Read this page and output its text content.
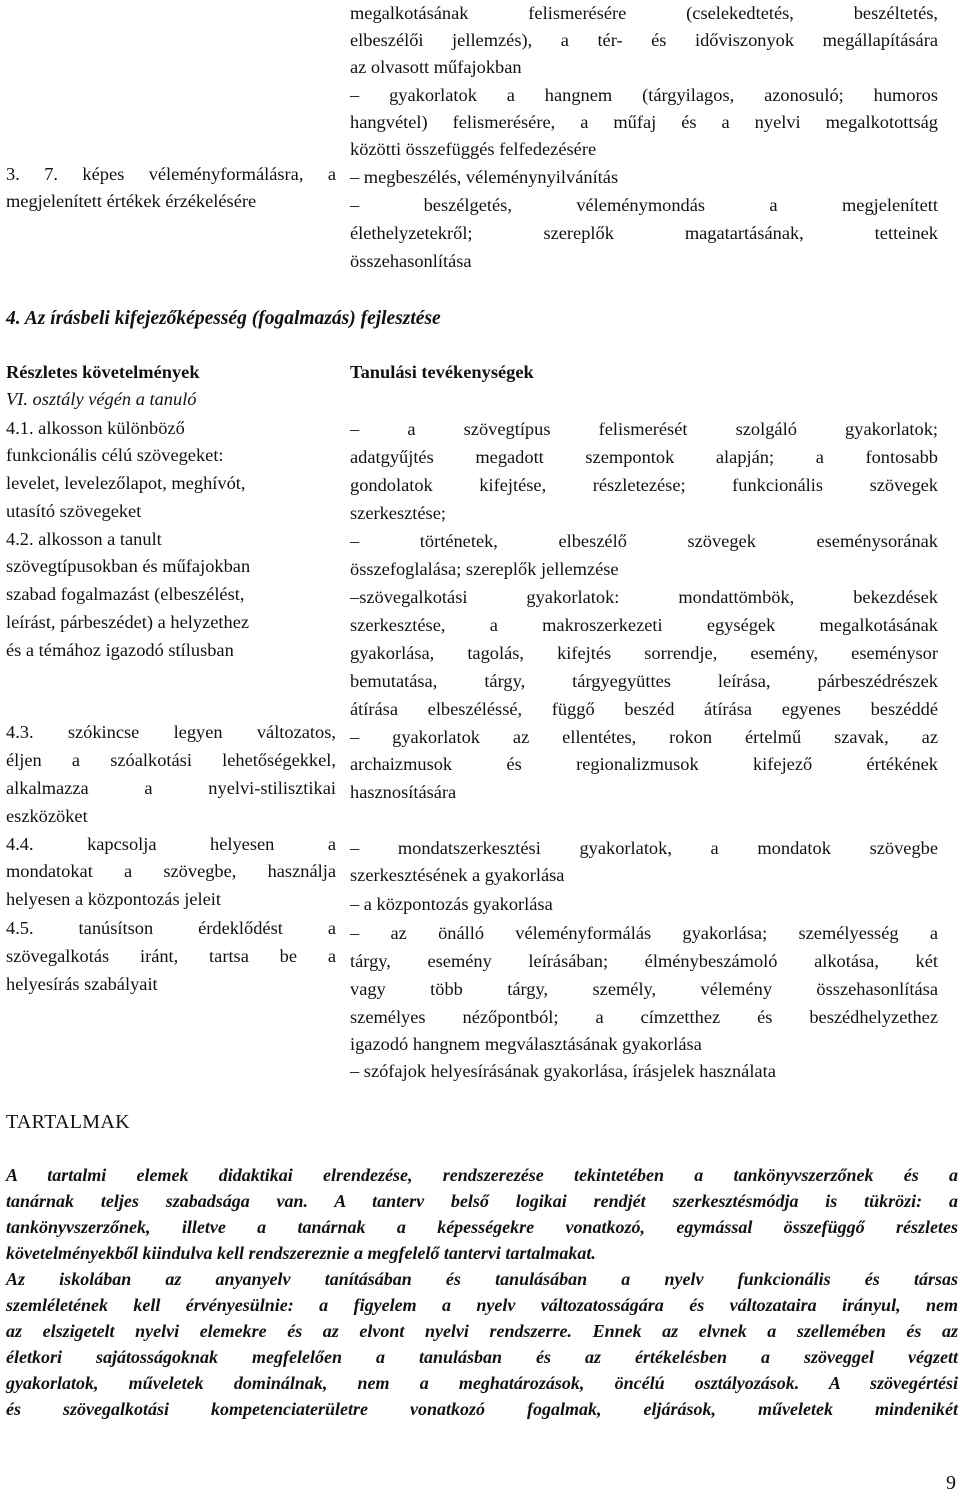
3. 7. képes véleményformálásra, a
megjelenített értékek érzékelésére
megalkotásának felismerésére (cselekedtetés, beszéltetés,
elbeszélői jellemzés), a tér- és időviszonyok megállapítására
az olvasott műfajokban
– gyakorlatok a hangnem (tárgyilagos, azonosuló; humoros
hangvétel) felismerésére, a műfaj és a nyelvi megalkotottság
közötti összefüggés felfedezésére
– megbeszélés, véleménynyilvánítás
– beszélgetés, véleménymondás a megjelenített
élethelyzetekről; szereplők magatartásának, tetteinek
összehasonlítása
4. Az írásbeli kifejezőképesség (fogalmazás) fejlesztése
Részletes követelmények
VI. osztály végén a tanuló
4.1. alkosson különböző
funkcionális célú szövegeket:
levelet, levelezőlapot, meghívót,
utasító szövegeket
4.2. alkosson a tanult
szövegtípusokban és műfajokban
szabad fogalmazást (elbeszélést,
leírást, párbeszédet) a helyzethez
és a témához igazodó stílusban
4.3. szókincse legyen változatos,
éljen a szóalkotási lehetőségekkel,
alkalmazza a nyelvi-stilisztikai
eszközöket
4.4. kapcsolja helyesen a
mondatokat a szövegbe, használja
helyesen a központozás jeleit
4.5. tanúsítson érdeklődést a
szövegalkotás iránt, tartsa be a
helyesírás szabályait
Tanulási tevékenységek
– a szövegtípus felismerését szolgáló gyakorlatok;
adatgyűjtés megadott szempontok alapján; a fontosabb
gondolatok kifejtése, részletezése; funkcionális szövegek
szerkesztése;
– történetek, elbeszélő szövegek eseménysorának
összefoglalása; szereplők jellemzése
–szövegalkotási gyakorlatok: mondattömbök, bekezdések
szerkesztése, a makroszerkezeti egységek megalkotásának
gyakorlása, tagolás, kifejtés sorrendje, esemény, eseménysor
bemutatása, tárgy, tárgyegyüttes leírása, párbeszédrészek
átírása elbeszéléssé, függő beszéd átírása egyenes beszéddé
– gyakorlatok az ellentétes, rokon értelmű szavak, az
archaizmusok és regionalizmusok kifejező értékének
hasznosítására
– mondatszerkesztési gyakorlatok, a mondatok szövegbe
szerkesztésének a gyakorlása
– a központozás gyakorlása
– az önálló véleményformálás gyakorlása; személyesség a
tárgy, esemény leírásában; élménybeszámoló alkotása, két
vagy több tárgy, személy, vélemény összehasonlítása
személyes nézőpontból; a címzetthez és beszédhelyzethez
igazodó hangnem megválasztásának gyakorlása
– szófajok helyesírásának gyakorlása, írásjelek használata
TARTALMAK
A tartalmi elemek didaktikai elrendezése, rendszerezése tekintetében a tankönyvszerzőnek és a
tanárnak teljes szabadsága van. A tanterv belső logikai rendjét szerkesztésmódja is tükrözi: a
tankönyvszerzőnek, illetve a tanárnak a képességekre vonatkozó, egymással összefüggő részletes
követelményekből kiindulva kell rendszereznie a megfelelő tantervi tartalmakat.
Az iskolában az anyanyelv tanításában és tanulásában a nyelv funkcionális és társas
szemléletének kell érvényesülnie: a figyelem a nyelv változatosságára és változataira irányul, nem
az elszigetelt nyelvi elemekre és az elvont nyelvi rendszerre. Ennek az elvnek a szellemében és az
életkori sajátosságoknak megfelelően a tanulásban és az értékelésben a szöveggel végzett
gyakorlatok, műveletek dominálnak, nem a meghatározások, öncélú osztályozások. A szövegértési
és szövegalkotási kompetenciaterületre vonatkozó fogalmak, eljárások, műveletek mindenikét
9
